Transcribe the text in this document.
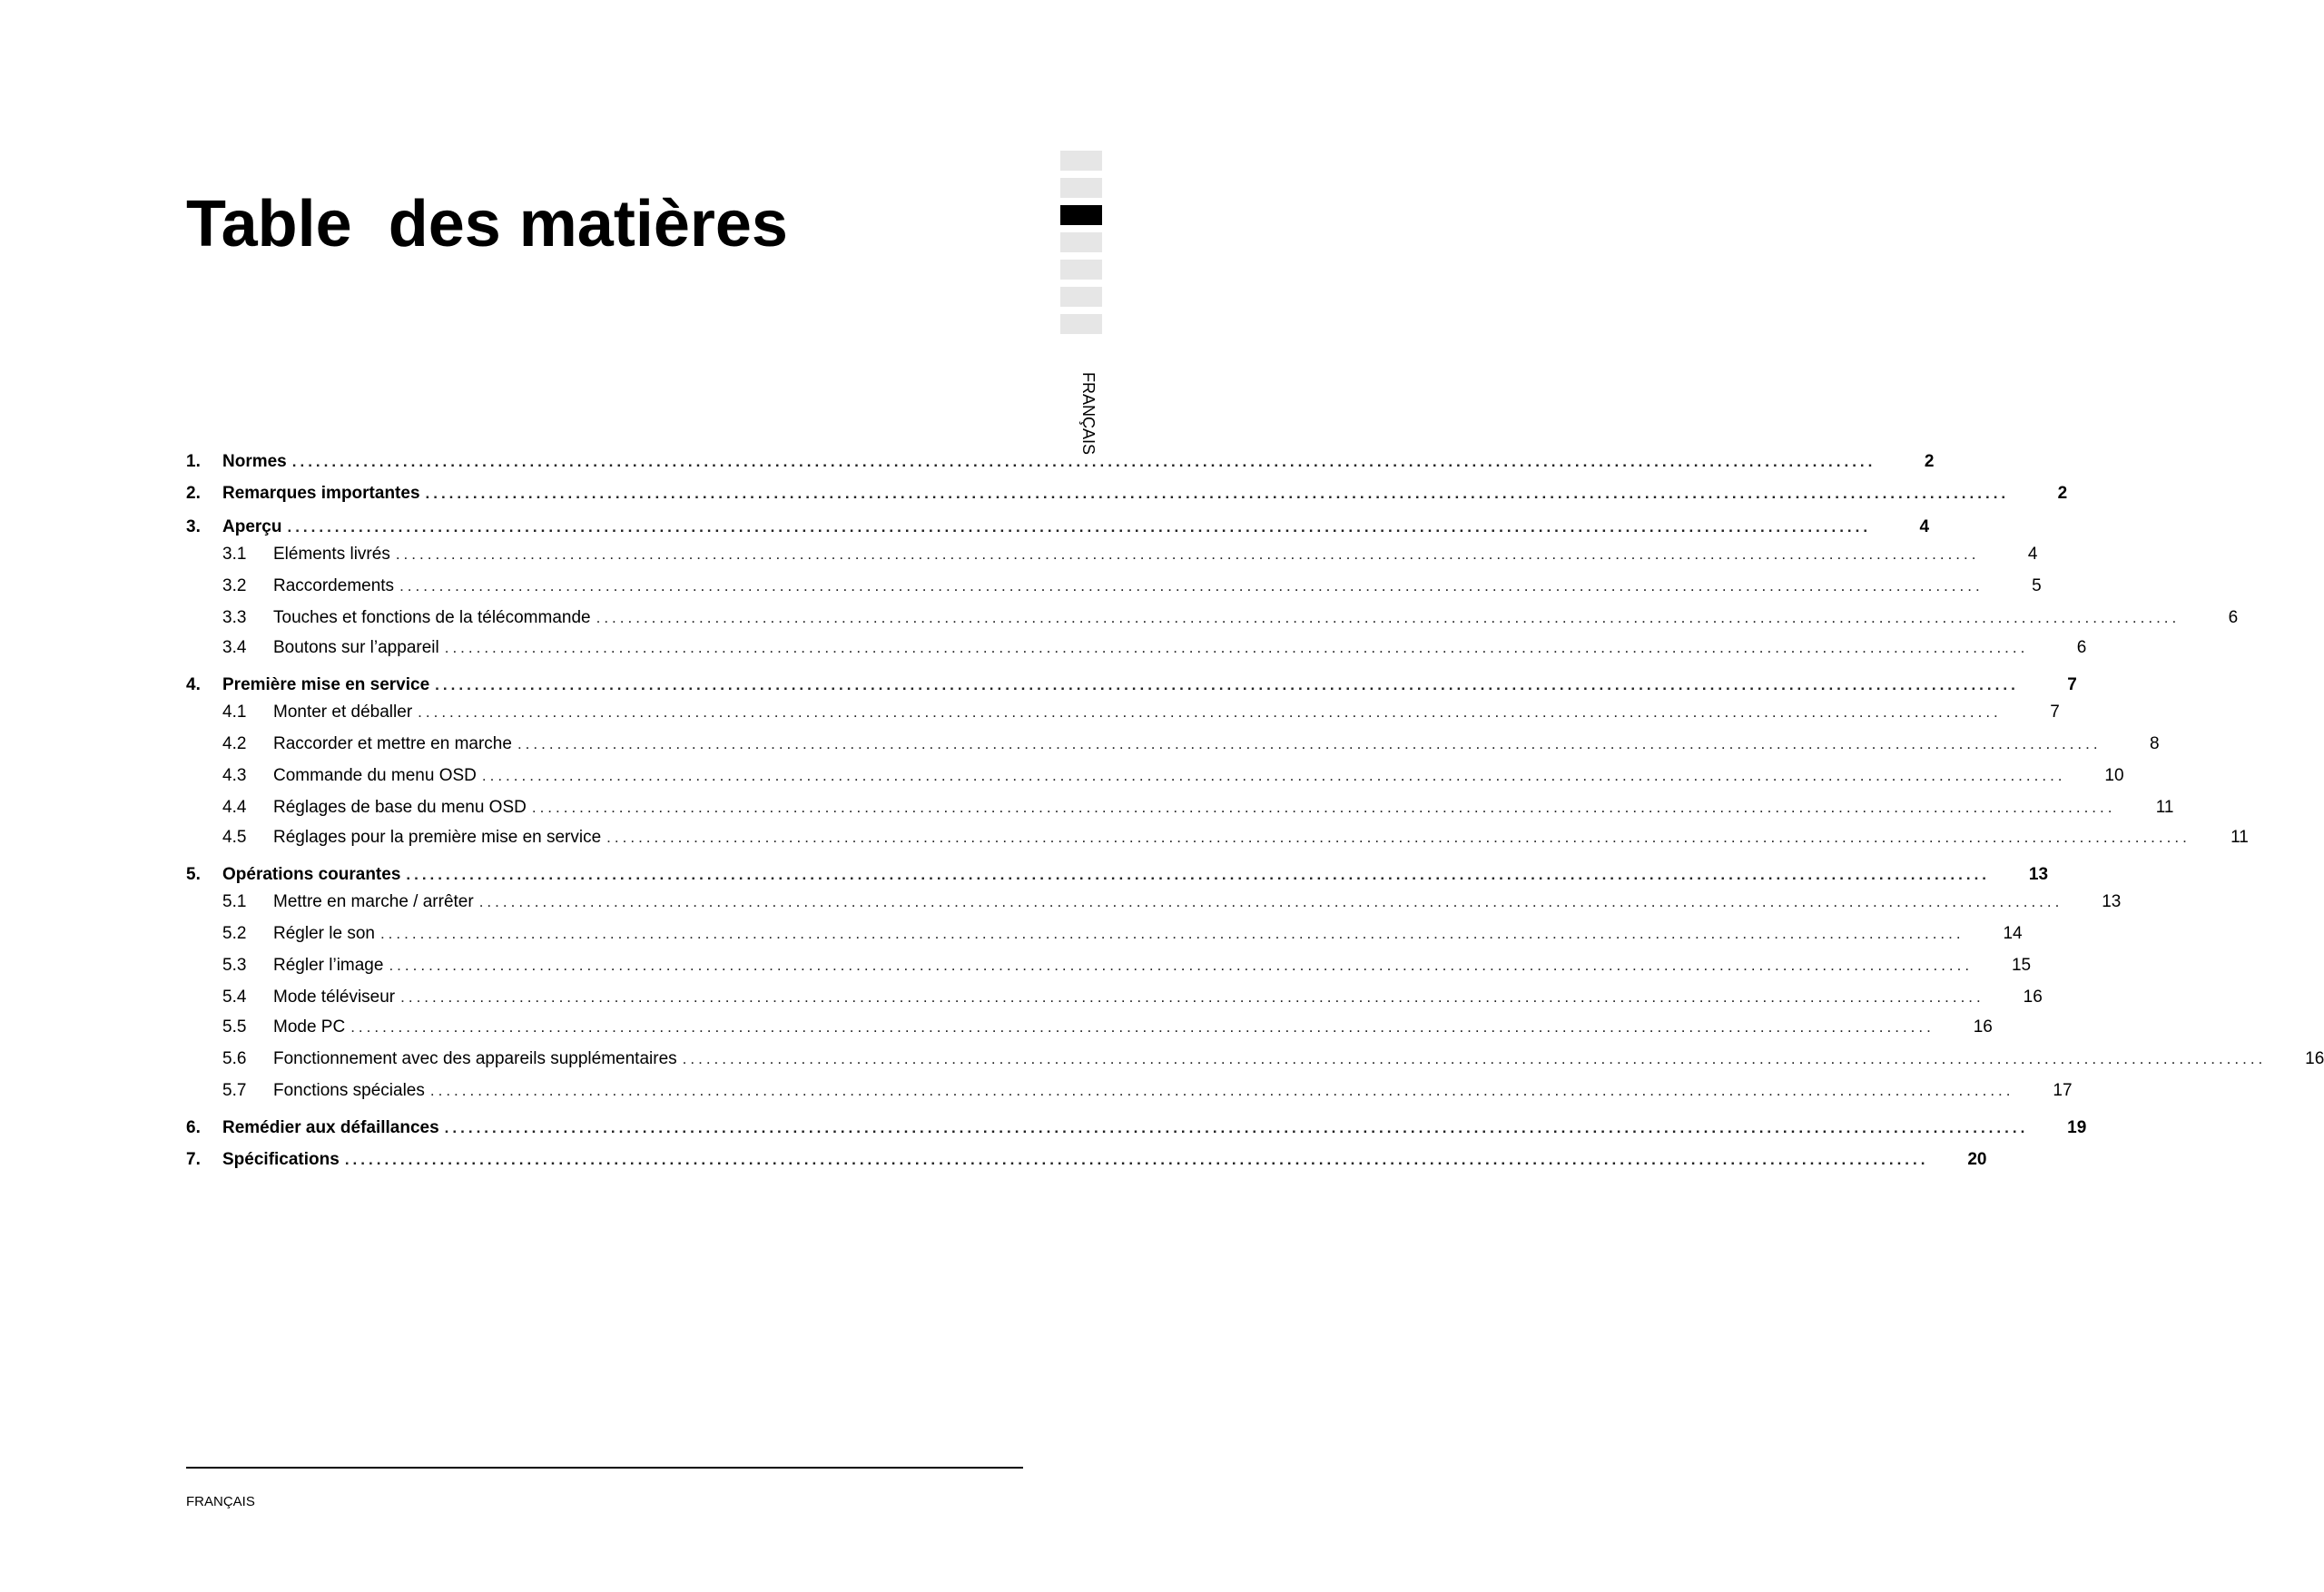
Table  des matières
FRANÇAIS
1.	Normes ........................................................................................................................................................................................................	2
2.	Remarques importantes ........................................................................................................................................................................................................	2
3.	Aperçu ........................................................................................................................................................................................................	4
3.1	Eléments livrés ........................................................................................................................................................................................................	4
3.2	Raccordements ........................................................................................................................................................................................................	5
3.3	Touches et fonctions de la télécommande ........................................................................................................................................................................................................	6
3.4	Boutons sur l’appareil ........................................................................................................................................................................................................	6
4.	Première mise en service ........................................................................................................................................................................................................	7
4.1	Monter et déballer ........................................................................................................................................................................................................	7
4.2	Raccorder et mettre en marche ........................................................................................................................................................................................................	8
4.3	Commande du menu OSD ........................................................................................................................................................................................................	10
4.4	Réglages de base du menu OSD ........................................................................................................................................................................................................	11
4.5	Réglages pour la première mise en service ........................................................................................................................................................................................................	11
5.	Opérations courantes ........................................................................................................................................................................................................	13
5.1	Mettre en marche / arrêter ........................................................................................................................................................................................................	13
5.2	Régler le son ........................................................................................................................................................................................................	14
5.3	Régler l’image ........................................................................................................................................................................................................	15
5.4	Mode téléviseur ........................................................................................................................................................................................................	16
5.5	Mode PC ........................................................................................................................................................................................................	16
5.6	Fonctionnement avec des appareils supplémentaires ........................................................................................................................................................................................................	16
5.7	Fonctions spéciales ........................................................................................................................................................................................................	17
6.	Remédier aux défaillances ........................................................................................................................................................................................................	19
7.	Spécifications ........................................................................................................................................................................................................	20
FRANÇAIS
